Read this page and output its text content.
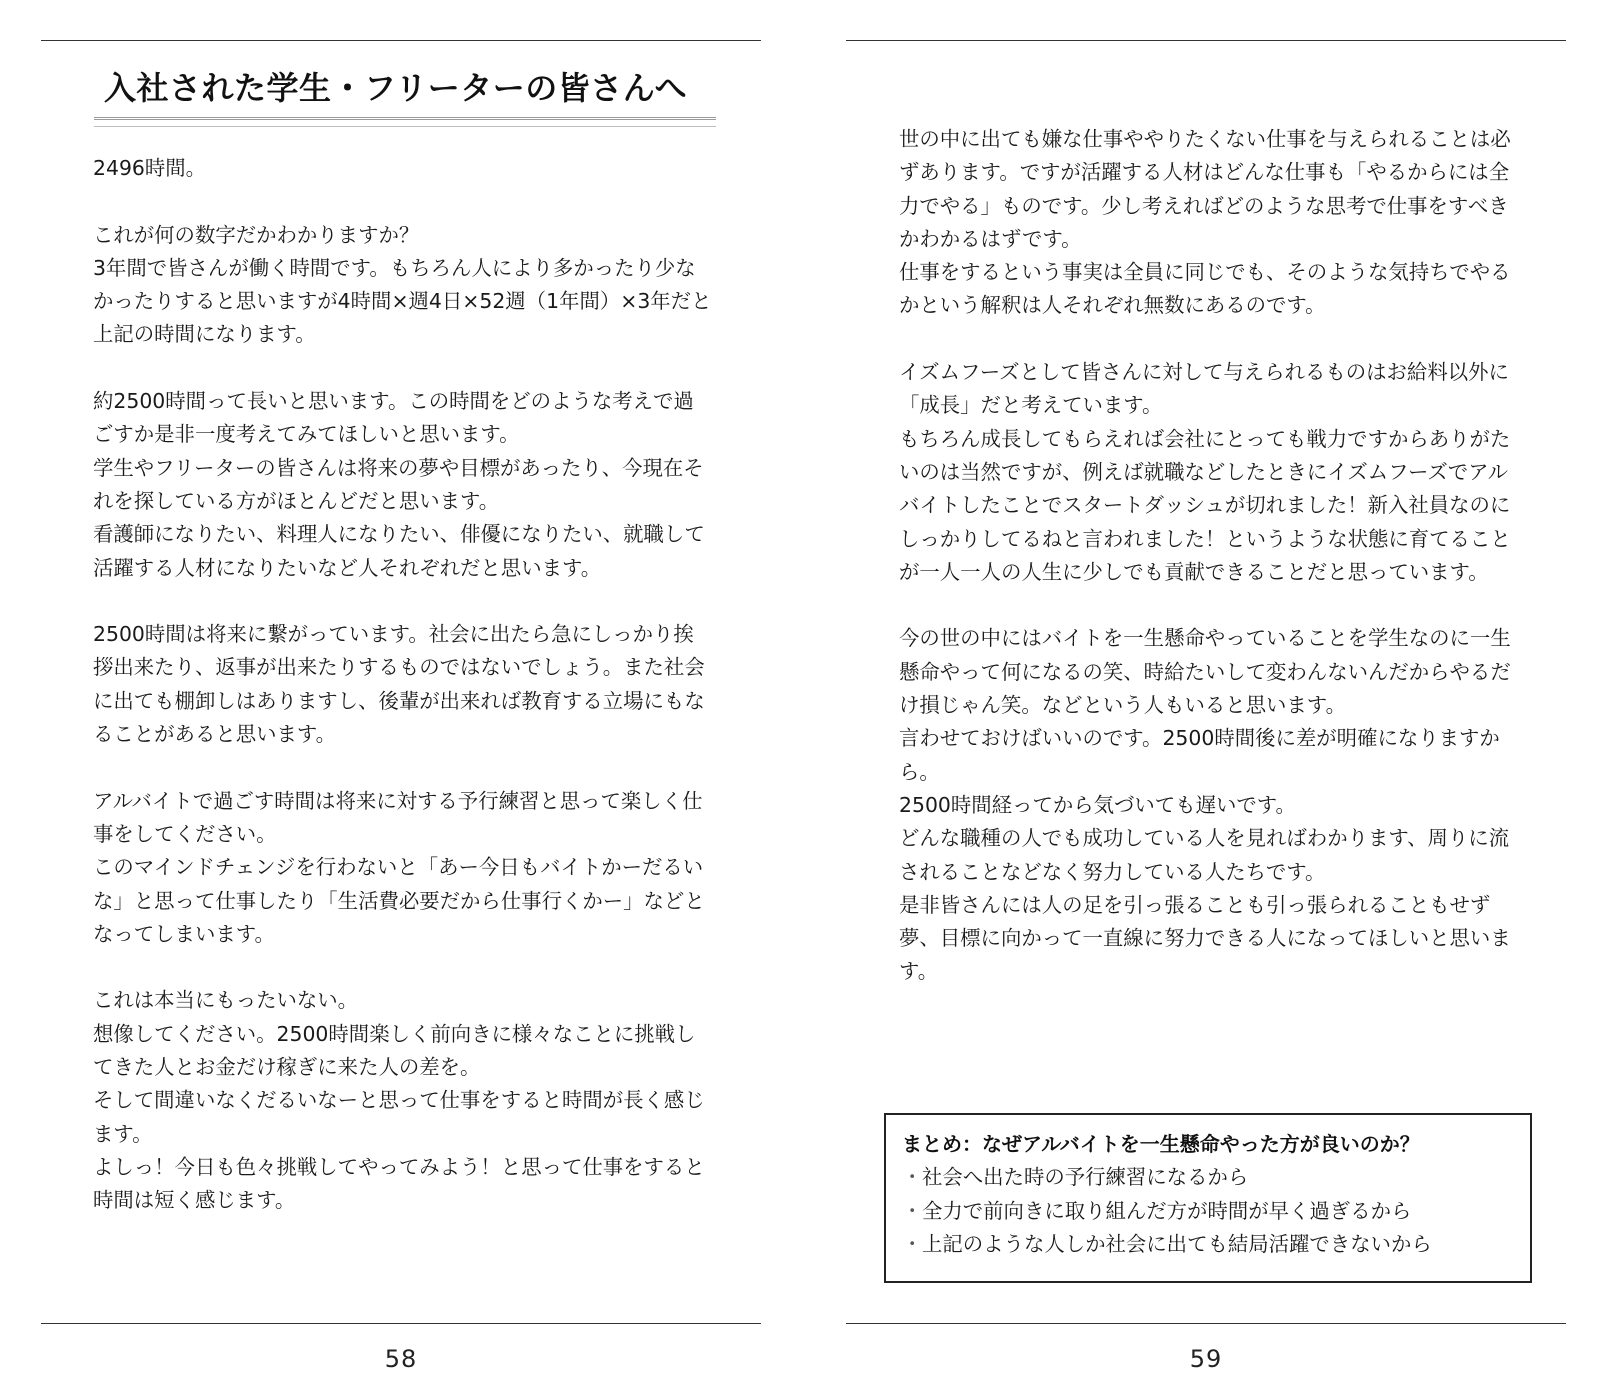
入社された学生・フリーターの皆さんへ

2496時間。

これが何の数字だかわかりますか？

3年間で皆さんが働く時間です。もちろん人により多かったり少なかったりすると思いますが4時間×週4日×52週（1年間）×3年だと上記の時間になります。

約2500時間って長いと思います。この時間をどのような考えで過ごすか是非一度考えてみてほしいと思います。

学生やフリーターの皆さんは将来の夢や目標があったり、今現在それを探している方がほとんどだと思います。

看護師になりたい、料理人になりたい、俳優になりたい、就職して活躍する人材になりたいなど人それぞれだと思います。

2500時間は将来に繋がっています。社会に出たら急にしっかり挨拶出来たり、返事が出来たりするものではないでしょう。また社会に出ても棚卸しはありますし、後輩が出来れば教育する立場にもなることがあると思います。

アルバイトで過ごす時間は将来に対する予行練習と思って楽しく仕事をしてください。

このマインドチェンジを行わないと「あー今日もバイトかーだるいな」と思って仕事したり「生活費必要だから仕事行くかー」などとなってしまいます。

これは本当にもったいない。

想像してください。2500時間楽しく前向きに様々なことに挑戦してきた人とお金だけ稼ぎに来た人の差を。

そして間違いなくだるいなーと思って仕事をすると時間が長く感じます。

よしっ！今日も色々挑戦してやってみよう！と思って仕事をすると時間は短く感じます。

58

世の中に出ても嫌な仕事ややりたくない仕事を与えられることは必ずあります。ですが活躍する人材はどんな仕事も「やるからには全力でやる」ものです。少し考えればどのような思考で仕事をすべきかわかるはずです。

仕事をするという事実は全員に同じでも、そのような気持ちでやるかという解釈は人それぞれ無数にあるのです。

イズムフーズとして皆さんに対して与えられるものはお給料以外に「成長」だと考えています。

もちろん成長してもらえれば会社にとっても戦力ですからありがたいのは当然ですが、例えば就職などしたときにイズムフーズでアルバイトしたことでスタートダッシュが切れました！新入社員なのにしっかりしてるねと言われました！というような状態に育てることが一人一人の人生に少しでも貢献できることだと思っています。

今の世の中にはバイトを一生懸命やっていることを学生なのに一生懸命やって何になるの笑、時給たいして変わんないんだからやるだけ損じゃん笑。などという人もいると思います。

言わせておけばいいのです。2500時間後に差が明確になりますから。

2500時間経ってから気づいても遅いです。

どんな職種の人でも成功している人を見ればわかります、周りに流されることなどなく努力している人たちです。

是非皆さんには人の足を引っ張ることも引っ張られることもせず夢、目標に向かって一直線に努力できる人になってほしいと思います。

まとめ：なぜアルバイトを一生懸命やった方が良いのか？

・ 社会へ出た時の予行練習になるから
・ 全力で前向きに取り組んだ方が時間が早く過ぎるから
・ 上記のような人しか社会に出ても結局活躍できないから
59
